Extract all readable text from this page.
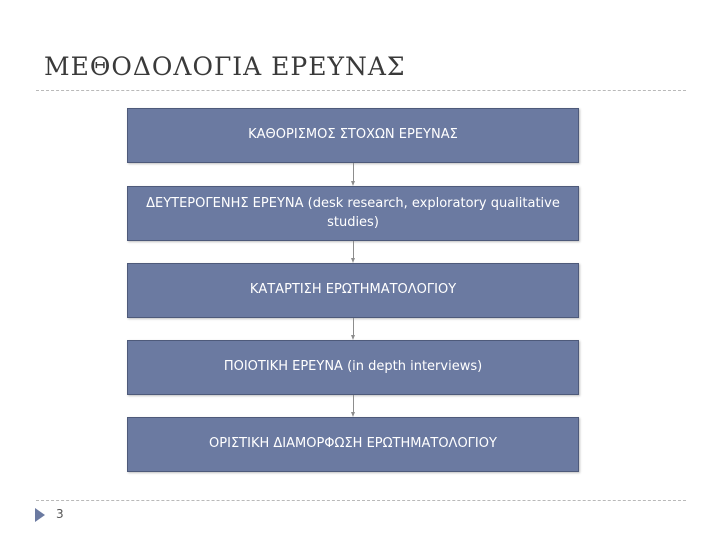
ΜΕΘΟΔΟΛΟΓΙΑ ΕΡΕΥΝΑΣ
ΚΑΘΟΡΙΣΜΟΣ ΣΤΟΧΩΝ ΕΡΕΥΝΑΣ
ΔΕΥΤΕΡΟΓΕΝΗΣ ΕΡΕΥΝΑ (desk research, exploratory qualitative studies)
ΚΑΤΑΡΤΙΣΗ ΕΡΩΤΗΜΑΤΟΛΟΓΙΟΥ
ΠΟΙΟΤΙΚΗ ΕΡΕΥΝΑ (in depth interviews)
ΟΡΙΣΤΙΚΗ ΔΙΑΜΟΡΦΩΣΗ ΕΡΩΤΗΜΑΤΟΛΟΓΙΟΥ
3
